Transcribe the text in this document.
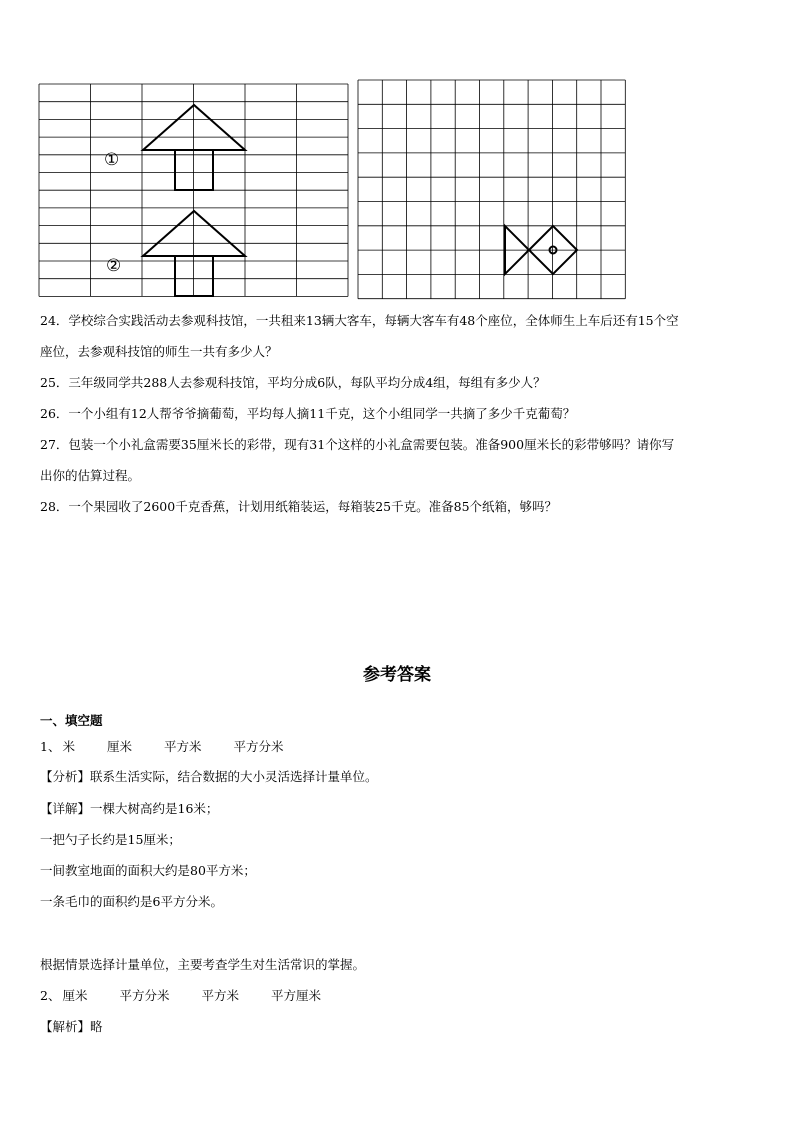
①
②
24．学校综合实践活动去参观科技馆，一共租来13辆大客车，每辆大客车有48个座位，全体师生上车后还有15个空
座位，去参观科技馆的师生一共有多少人？
25．三年级同学共288人去参观科技馆，平均分成6队，每队平均分成4组，每组有多少人？
26．一个小组有12人帮爷爷摘葡萄，平均每人摘11千克，这个小组同学一共摘了多少千克葡萄？
27．包装一个小礼盒需要35厘米长的彩带，现有31个这样的小礼盒需要包装。准备900厘米长的彩带够吗？请你写
出你的估算过程。
28．一个果园收了2600千克香蕉，计划用纸箱装运，每箱装25千克。准备85个纸箱，够吗？
参考答案
一、填空题
1、 米	厘米	平方米	平方分米
【分析】联系生活实际，结合数据的大小灵活选择计量单位。
【详解】一棵大树高约是16米；
一把勺子长约是15厘米；
一间教室地面的面积大约是80平方米；
一条毛巾的面积约是6平方分米。
根据情景选择计量单位，主要考查学生对生活常识的掌握。
2、 厘米	平方分米	平方米	平方厘米
【解析】略
